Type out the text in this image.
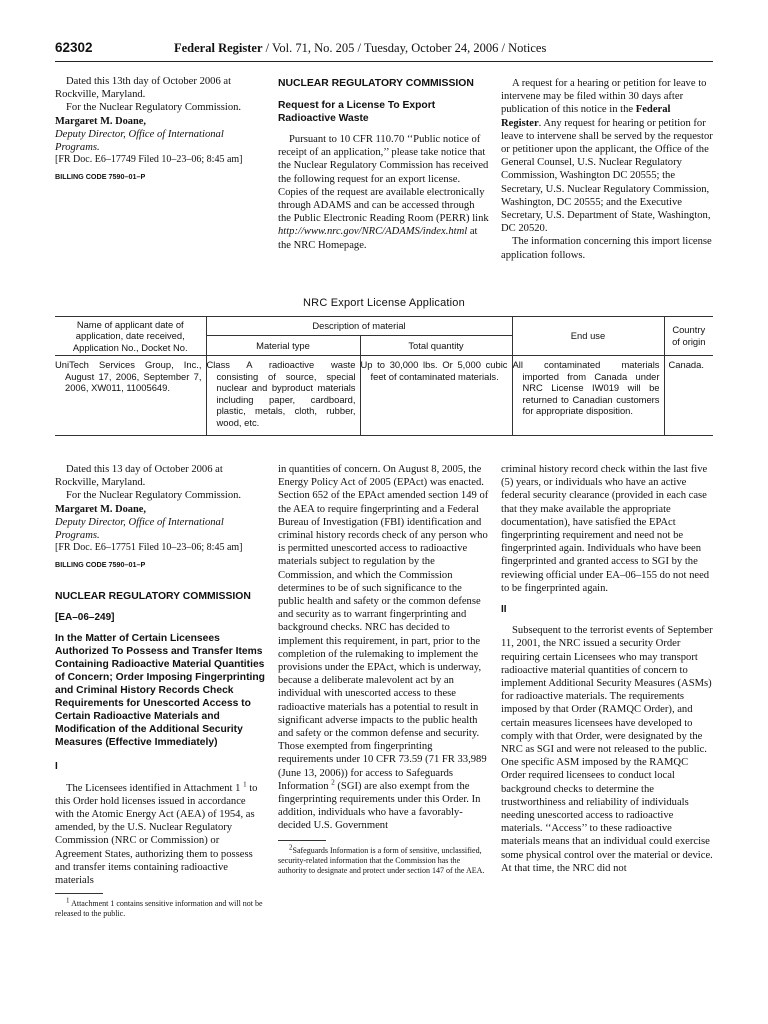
62302	Federal Register / Vol. 71, No. 205 / Tuesday, October 24, 2006 / Notices

Dated this 13th day of October 2006 at Rockville, Maryland.

For the Nuclear Regulatory Commission.

Margaret M. Doane,

Deputy Director, Office of International Programs.

[FR Doc. E6–17749 Filed 10–23–06; 8:45 am]

BILLING CODE 7590–01–P

NUCLEAR REGULATORY COMMISSION

Request for a License To Export Radioactive Waste

Pursuant to 10 CFR 110.70 ‘‘Public notice of receipt of an application,’’ please take notice that the Nuclear Regulatory Commission has received the following request for an export license. Copies of the request are available electronically through ADAMS and can be accessed through the Public Electronic Reading Room (PERR) link http://www.nrc.gov/NRC/ADAMS/index.html at the NRC Homepage.

A request for a hearing or petition for leave to intervene may be filed within 30 days after publication of this notice in the Federal Register. Any request for hearing or petition for leave to intervene shall be served by the requestor or petitioner upon the applicant, the Office of the General Counsel, U.S. Nuclear Regulatory Commission, Washington DC 20555; the Secretary, U.S. Nuclear Regulatory Commission, Washington, DC 20555; and the Executive Secretary, U.S. Department of State, Washington, DC 20520.

The information concerning this import license application follows.

NRC Export License Application
Name of applicant date of application, date received, Application No., Docket No.	Description of material		End use	Country of origin
	Material type	Total quantity		
UniTech Services Group, Inc., August 17, 2006, September 7, 2006, XW011, 11005649.	Class A radioactive waste consisting of source, special nuclear and byproduct materials including paper, cardboard, plastic, metals, cloth, rubber, wood, etc.	Up to 30,000 lbs. Or 5,000 cubic feet of contaminated materials.	All contaminated materials imported from Canada under NRC License IW019 will be returned to Canadian customers for appropriate disposition.	Canada.

Dated this 13 day of October 2006 at Rockville, Maryland.

For the Nuclear Regulatory Commission.

Margaret M. Doane,

Deputy Director, Office of International Programs.

[FR Doc. E6–17751 Filed 10–23–06; 8:45 am]

BILLING CODE 7590–01–P

NUCLEAR REGULATORY COMMISSION

[EA–06–249]

In the Matter of Certain Licensees Authorized To Possess and Transfer Items Containing Radioactive Material Quantities of Concern; Order Imposing Fingerprinting and Criminal History Records Check Requirements for Unescorted Access to Certain Radioactive Materials and Modification of the Additional Security Measures (Effective Immediately)

I

The Licensees identified in Attachment 1 $^1$ to this Order hold licenses issued in accordance with the Atomic Energy Act (AEA) of 1954, as amended, by the U.S. Nuclear Regulatory Commission (NRC or Commission) or Agreement States, authorizing them to possess and transfer items containing radioactive materials

$^1$ Attachment 1 contains sensitive information and will not be released to the public.

in quantities of concern. On August 8, 2005, the Energy Policy Act of 2005 (EPAct) was enacted. Section 652 of the EPAct amended section 149 of the AEA to require fingerprinting and a Federal Bureau of Investigation (FBI) identification and criminal history records check of any person who is permitted unescorted access to radioactive materials subject to regulation by the Commission, and which the Commission determines to be of such significance to the public health and safety or the common defense and security as to warrant fingerprinting and background checks. NRC has decided to implement this requirement, in part, prior to the completion of the rulemaking to implement the provisions under the EPAct, which is underway, because a deliberate malevolent act by an individual with unescorted access to these radioactive materials has a potential to result in significant adverse impacts to the public health and safety or the common defense and security. Those exempted from fingerprinting requirements under 10 CFR 73.59 (71 FR 33,989 (June 13, 2006)) for access to Safeguards Information $^2$ (SGI) are also exempt from the fingerprinting requirements under this Order. In addition, individuals who have a favorably-decided U.S. Government

$^2$Safeguards Information is a form of sensitive, unclassified, security-related information that the Commission has the authority to designate and protect under section 147 of the AEA.

criminal history record check within the last five (5) years, or individuals who have an active federal security clearance (provided in each case that they make available the appropriate documentation), have satisfied the EPAct fingerprinting requirement and need not be fingerprinted again. Individuals who have been fingerprinted and granted access to SGI by the reviewing official under EA–06–155 do not need to be fingerprinted again.

II

Subsequent to the terrorist events of September 11, 2001, the NRC issued a security Order requiring certain Licensees who may transport radioactive material quantities of concern to implement Additional Security Measures (ASMs) for radioactive materials. The requirements imposed by that Order (RAMQC Order), and certain measures licensees have developed to comply with that Order, were designated by the NRC as SGI and were not released to the public. One specific ASM imposed by the RAMQC Order required licensees to conduct local background checks to determine the trustworthiness and reliability of individuals needing unescorted access to radioactive materials. ‘‘Access’’ to these radioactive materials means that an individual could exercise some physical control over the material or device. At that time, the NRC did not
